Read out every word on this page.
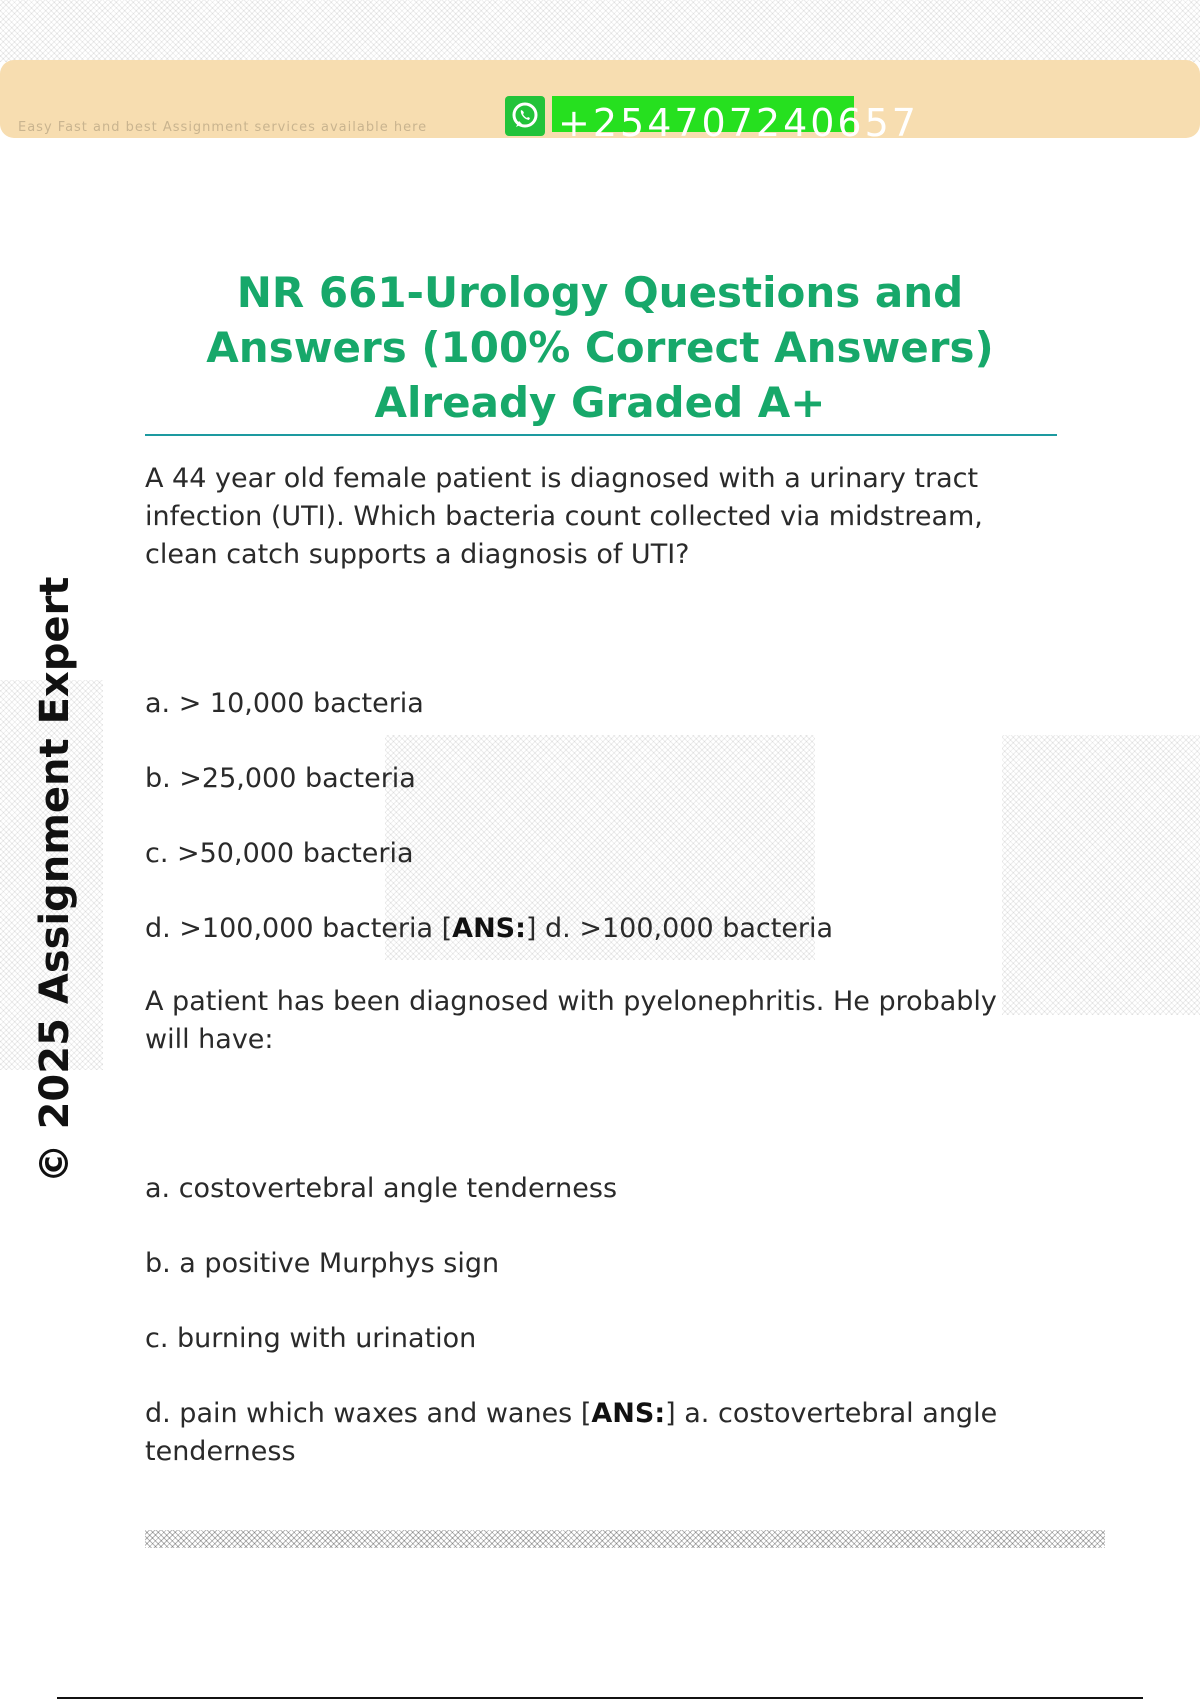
Easy Fast and best Assignment services available here	+254707240657
NR 661-Urology Questions and Answers (100% Correct Answers) Already Graded A+
A 44 year old female patient is diagnosed with a urinary tract infection (UTI). Which bacteria count collected via midstream, clean catch supports a diagnosis of UTI?
a. > 10,000 bacteria
b. >25,000 bacteria
c. >50,000 bacteria
d. >100,000 bacteria [ANS:] d. >100,000 bacteria
A patient has been diagnosed with pyelonephritis. He probably will have:
a. costovertebral angle tenderness
b. a positive Murphys sign
c. burning with urination
d. pain which waxes and wanes [ANS:] a. costovertebral angle tenderness
© 2025 Assignment Expert
